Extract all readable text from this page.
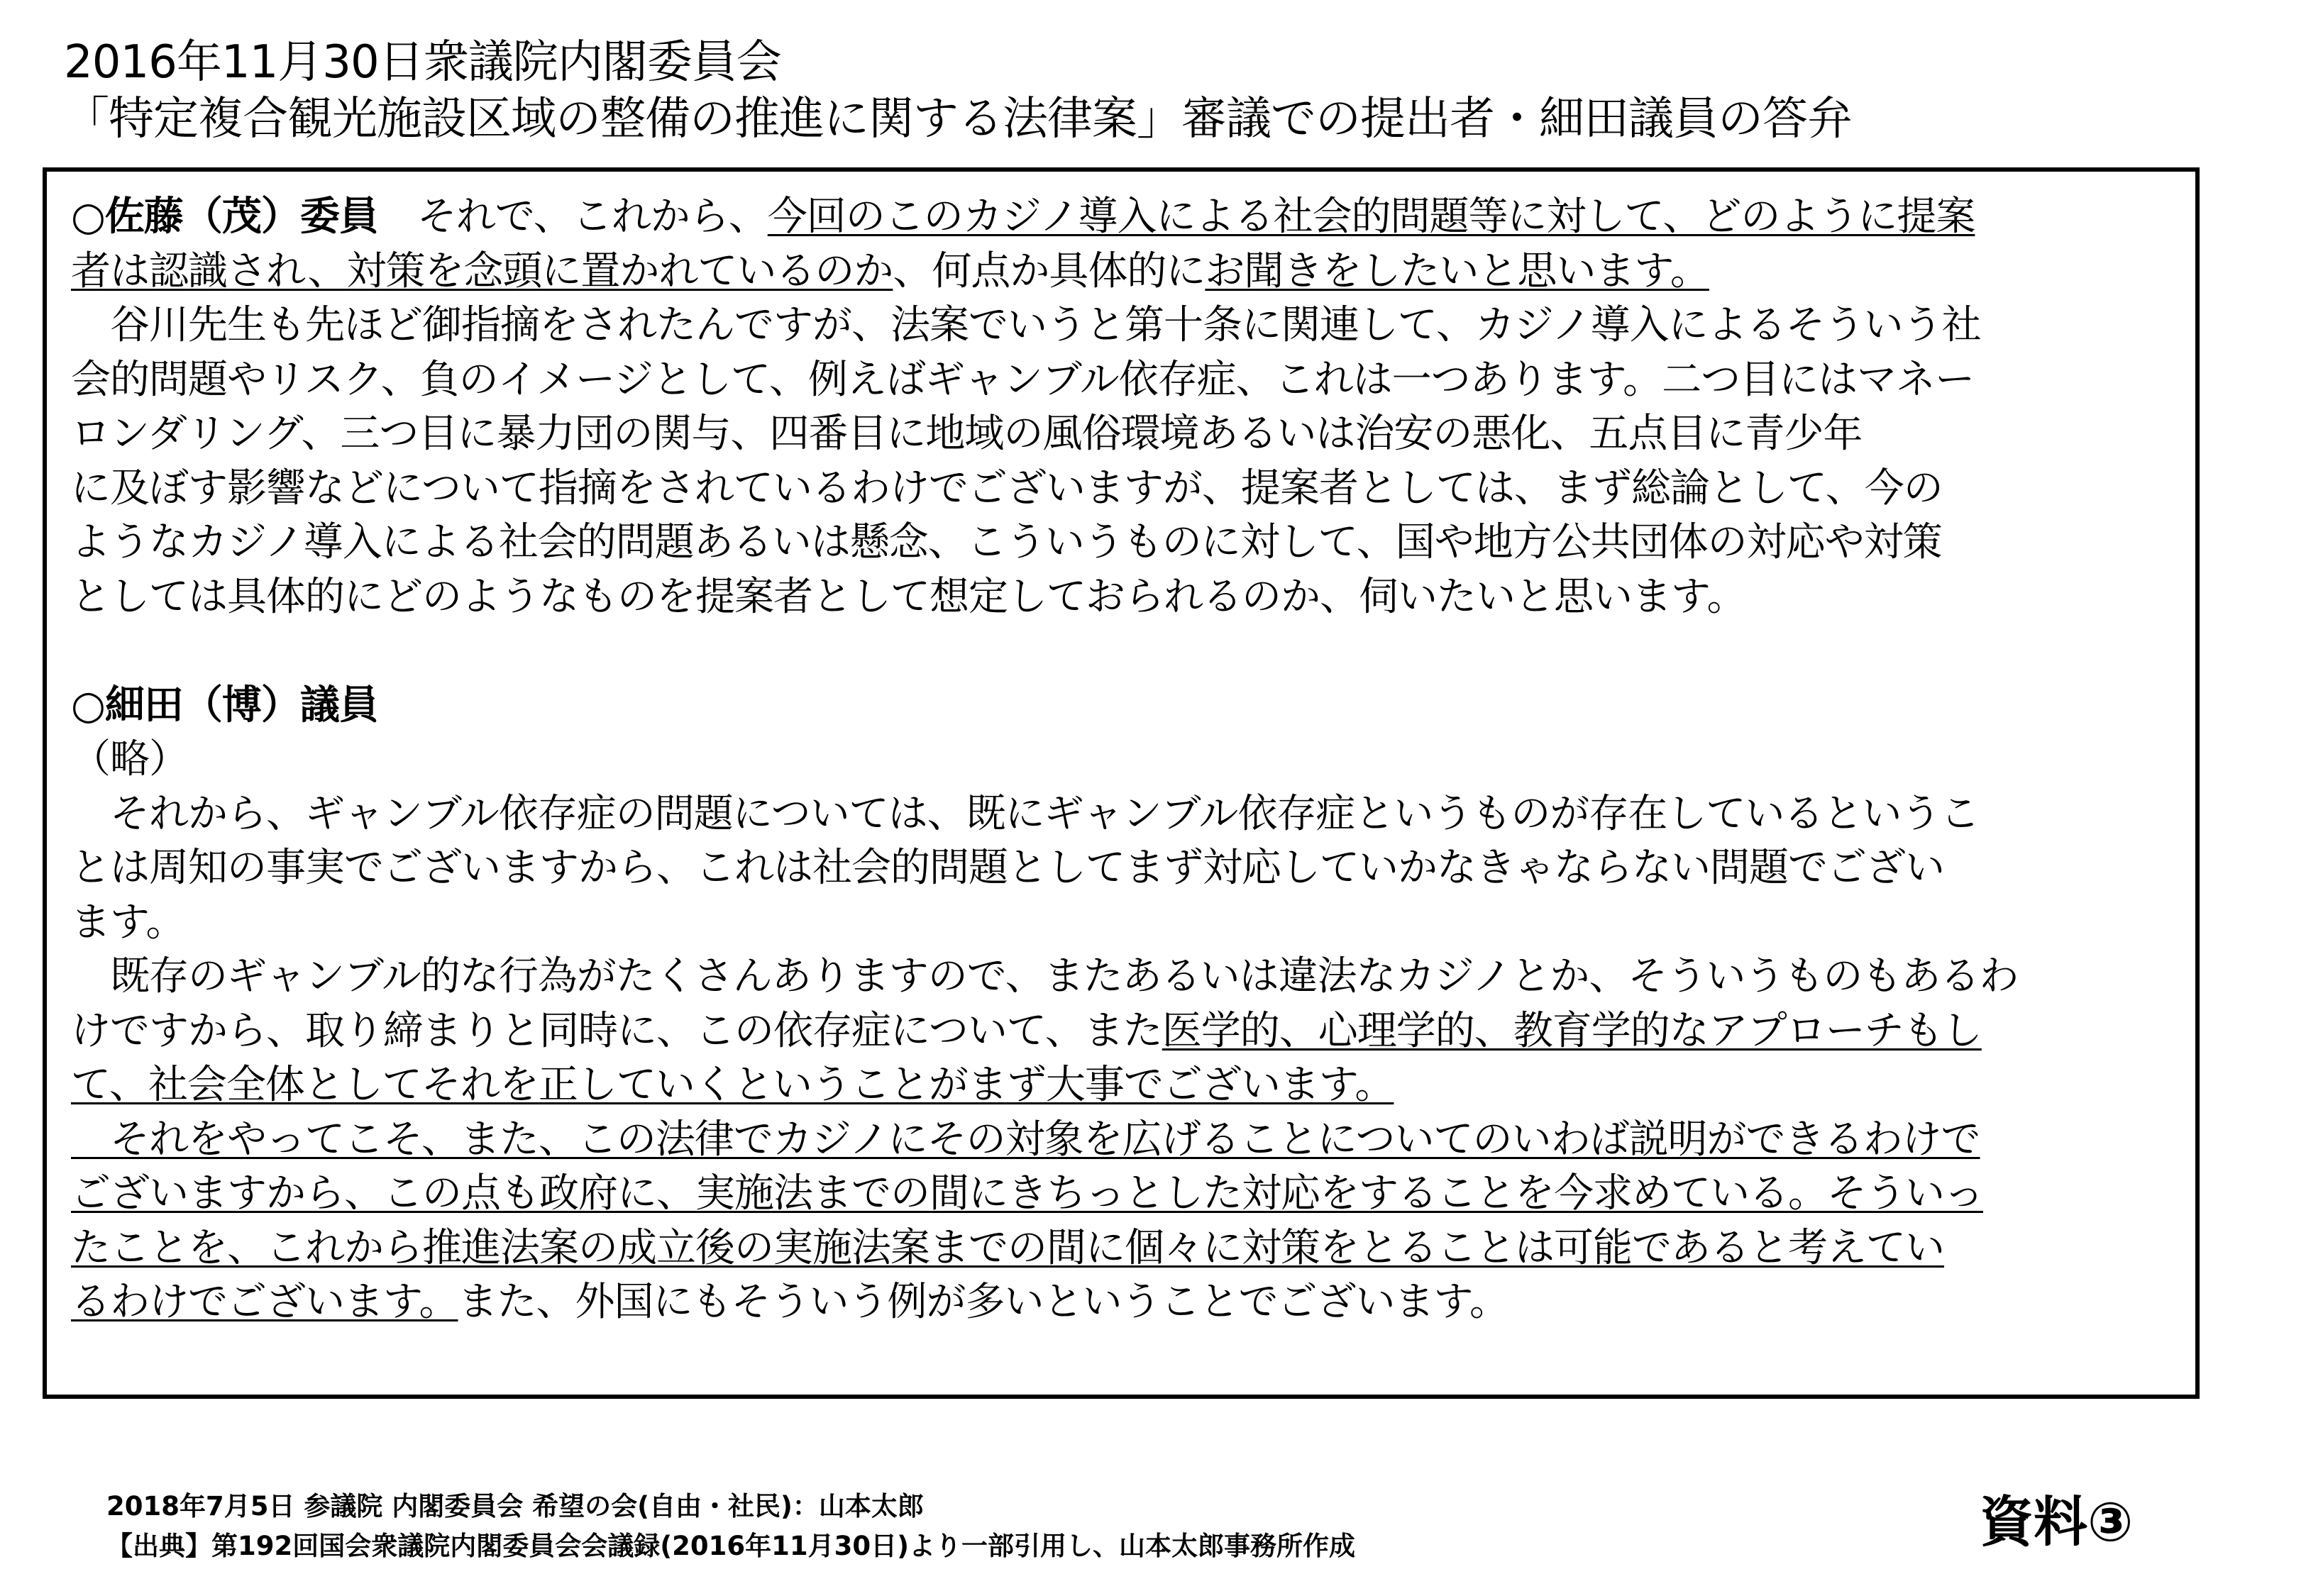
2016年11月30日衆議院内閣委員会
「特定複合観光施設区域の整備の推進に関する法律案」審議での提出者・細田議員の答弁

○佐藤（茂）委員　それで、これから、今回のこのカジノ導入による社会的問題等に対して、どのように提案

者は認識され、対策を念頭に置かれているのか、何点か具体的にお聞きをしたいと思います。

　谷川先生も先ほど御指摘をされたんですが、法案でいうと第十条に関連して、カジノ導入によるそういう社

会的問題やリスク、負のイメージとして、例えばギャンブル依存症、これは一つあります。二つ目にはマネー

ロンダリング、三つ目に暴力団の関与、四番目に地域の風俗環境あるいは治安の悪化、五点目に青少年

に及ぼす影響などについて指摘をされているわけでございますが、提案者としては、まず総論として、今の

ようなカジノ導入による社会的問題あるいは懸念、こういうものに対して、国や地方公共団体の対応や対策

としては具体的にどのようなものを提案者として想定しておられるのか、伺いたいと思います。

○細田（博）議員

（略）

　それから、ギャンブル依存症の問題については、既にギャンブル依存症というものが存在しているというこ

とは周知の事実でございますから、これは社会的問題としてまず対応していかなきゃならない問題でござい

ます。

　既存のギャンブル的な行為がたくさんありますので、またあるいは違法なカジノとか、そういうものもあるわ

けですから、取り締まりと同時に、この依存症について、また医学的、心理学的、教育学的なアプローチもし

て、社会全体としてそれを正していくということがまず大事でございます。

　それをやってこそ、また、この法律でカジノにその対象を広げることについてのいわば説明ができるわけで

ございますから、この点も政府に、実施法までの間にきちっとした対応をすることを今求めている。そういっ

たことを、これから推進法案の成立後の実施法案までの間に個々に対策をとることは可能であると考えてい

るわけでございます。また、外国にもそういう例が多いということでございます。

2018年7月5日 参議院 内閣委員会 希望の会(自由・社民)：山本太郎
【出典】第192回国会衆議院内閣委員会会議録(2016年11月30日)より一部引用し、山本太郎事務所作成	資料③
